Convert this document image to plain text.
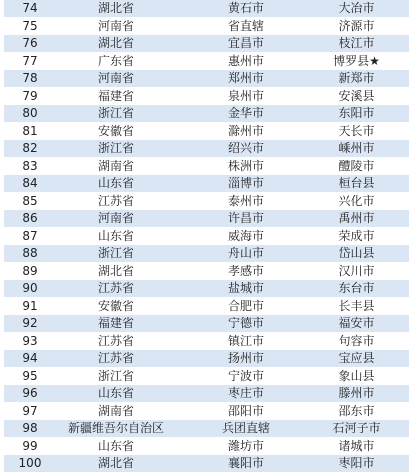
74	湖北省	黄石市	大冶市
75	河南省	省直辖	济源市
76	湖北省	宜昌市	枝江市
77	广东省	惠州市	博罗县★
78	河南省	郑州市	新郑市
79	福建省	泉州市	安溪县
80	浙江省	金华市	东阳市
81	安徽省	滁州市	天长市
82	浙江省	绍兴市	嵊州市
83	湖南省	株洲市	醴陵市
84	山东省	淄博市	桓台县
85	江苏省	泰州市	兴化市
86	河南省	许昌市	禹州市
87	山东省	威海市	荣成市
88	浙江省	舟山市	岱山县
89	湖北省	孝感市	汉川市
90	江苏省	盐城市	东台市
91	安徽省	合肥市	长丰县
92	福建省	宁德市	福安市
93	江苏省	镇江市	句容市
94	江苏省	扬州市	宝应县
95	浙江省	宁波市	象山县
96	山东省	枣庄市	滕州市
97	湖南省	邵阳市	邵东市
98	新疆维吾尔自治区	兵团直辖	石河子市
99	山东省	潍坊市	诸城市
100	湖北省	襄阳市	枣阳市
